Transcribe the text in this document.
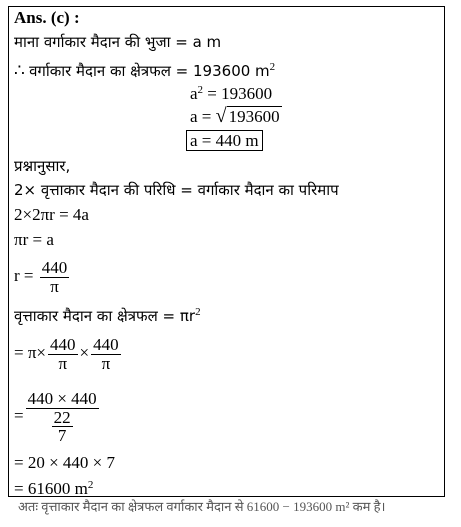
Ans. (c) :
माना वर्गाकार मैदान की भुजा = a m
∴ वर्गाकार मैदान का क्षेत्रफल = 193600 $m^2$
$a^2 = 193600$
a = √ 193600
a = 440 m
प्रश्नानुसार,
2× वृत्ताकार मैदान की परिधि = वर्गाकार मैदान का परिमाप
2×2πr = 4a
πr = a
$r = \frac{440}{\pi}$
वृत्ताकार मैदान का क्षेत्रफल = $\pi r^2$
= $\pi\times \frac{440}{\pi} \times \frac{440}{\pi}$
= $\frac{440 \times 440}{\frac{22}{7}}$
= 20 × 440 × 7
= 61600 $m^2$
अतः वृत्ताकार मैदान का क्षेत्रफल वर्गाकार मैदान से 61600 − 193600 m² कम है।
